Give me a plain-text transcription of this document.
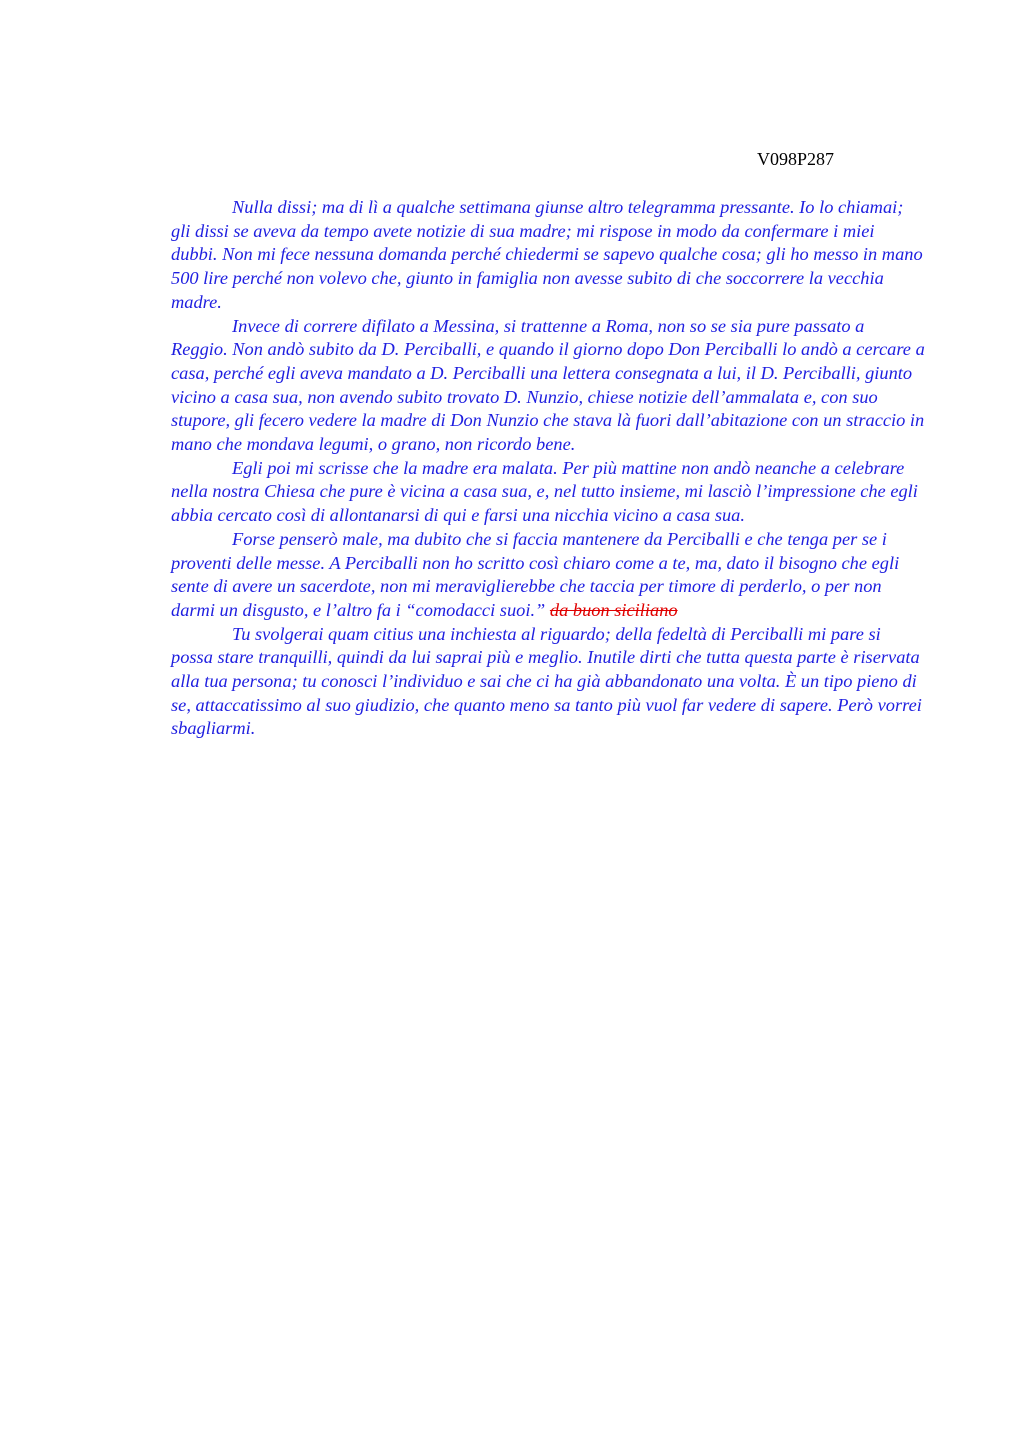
V098P287

Nulla dissi; ma di lì a qualche settimana giunse altro telegramma pressante. Io lo chiamai; gli dissi se aveva da tempo avete notizie di sua madre; mi rispose in modo da confermare i miei dubbi. Non mi fece nessuna domanda perché chiedermi se sapevo qualche cosa; gli ho messo in mano 500 lire perché non volevo che, giunto in famiglia non avesse subito di che soccorrere la vecchia madre.

Invece di correre difilato a Messina, si trattenne a Roma, non so se sia pure passato a Reggio. Non andò subito da D. Perciballi, e quando il giorno dopo Don Perciballi lo andò a cercare a casa, perché egli aveva mandato a D. Perciballi una lettera consegnata a lui, il D. Perciballi, giunto vicino a casa sua, non avendo subito trovato D. Nunzio, chiese notizie dell’ammalata e, con suo stupore, gli fecero vedere la madre di Don Nunzio che stava là fuori dall’abitazione con un straccio in mano che mondava legumi, o grano, non ricordo bene.

Egli poi mi scrisse che la madre era malata. Per più mattine non andò neanche a celebrare nella nostra Chiesa che pure è vicina a casa sua, e, nel tutto insieme, mi lasciò l’impressione che egli abbia cercato così di allontanarsi di qui e farsi una nicchia vicino a casa sua.

Forse penserò male, ma dubito che si faccia mantenere da Perciballi e che tenga per se i proventi delle messe. A Perciballi non ho scritto così chiaro come a te, ma, dato il bisogno che egli sente di avere un sacerdote, non mi meraviglierebbe che taccia per timore di perderlo, o per non darmi un disgusto, e l’altro fa i “comodacci suoi.” da buon siciliano

Tu svolgerai quam citius una inchiesta al riguardo; della fedeltà di Perciballi mi pare si possa stare tranquilli, quindi da lui saprai più e meglio. Inutile dirti che tutta questa parte è riservata alla tua persona; tu conosci l’individuo e sai che ci ha già abbandonato una volta. È un tipo pieno di se, attaccatissimo al suo giudizio, che quanto meno sa tanto più vuol far vedere di sapere. Però vorrei sbagliarmi.
